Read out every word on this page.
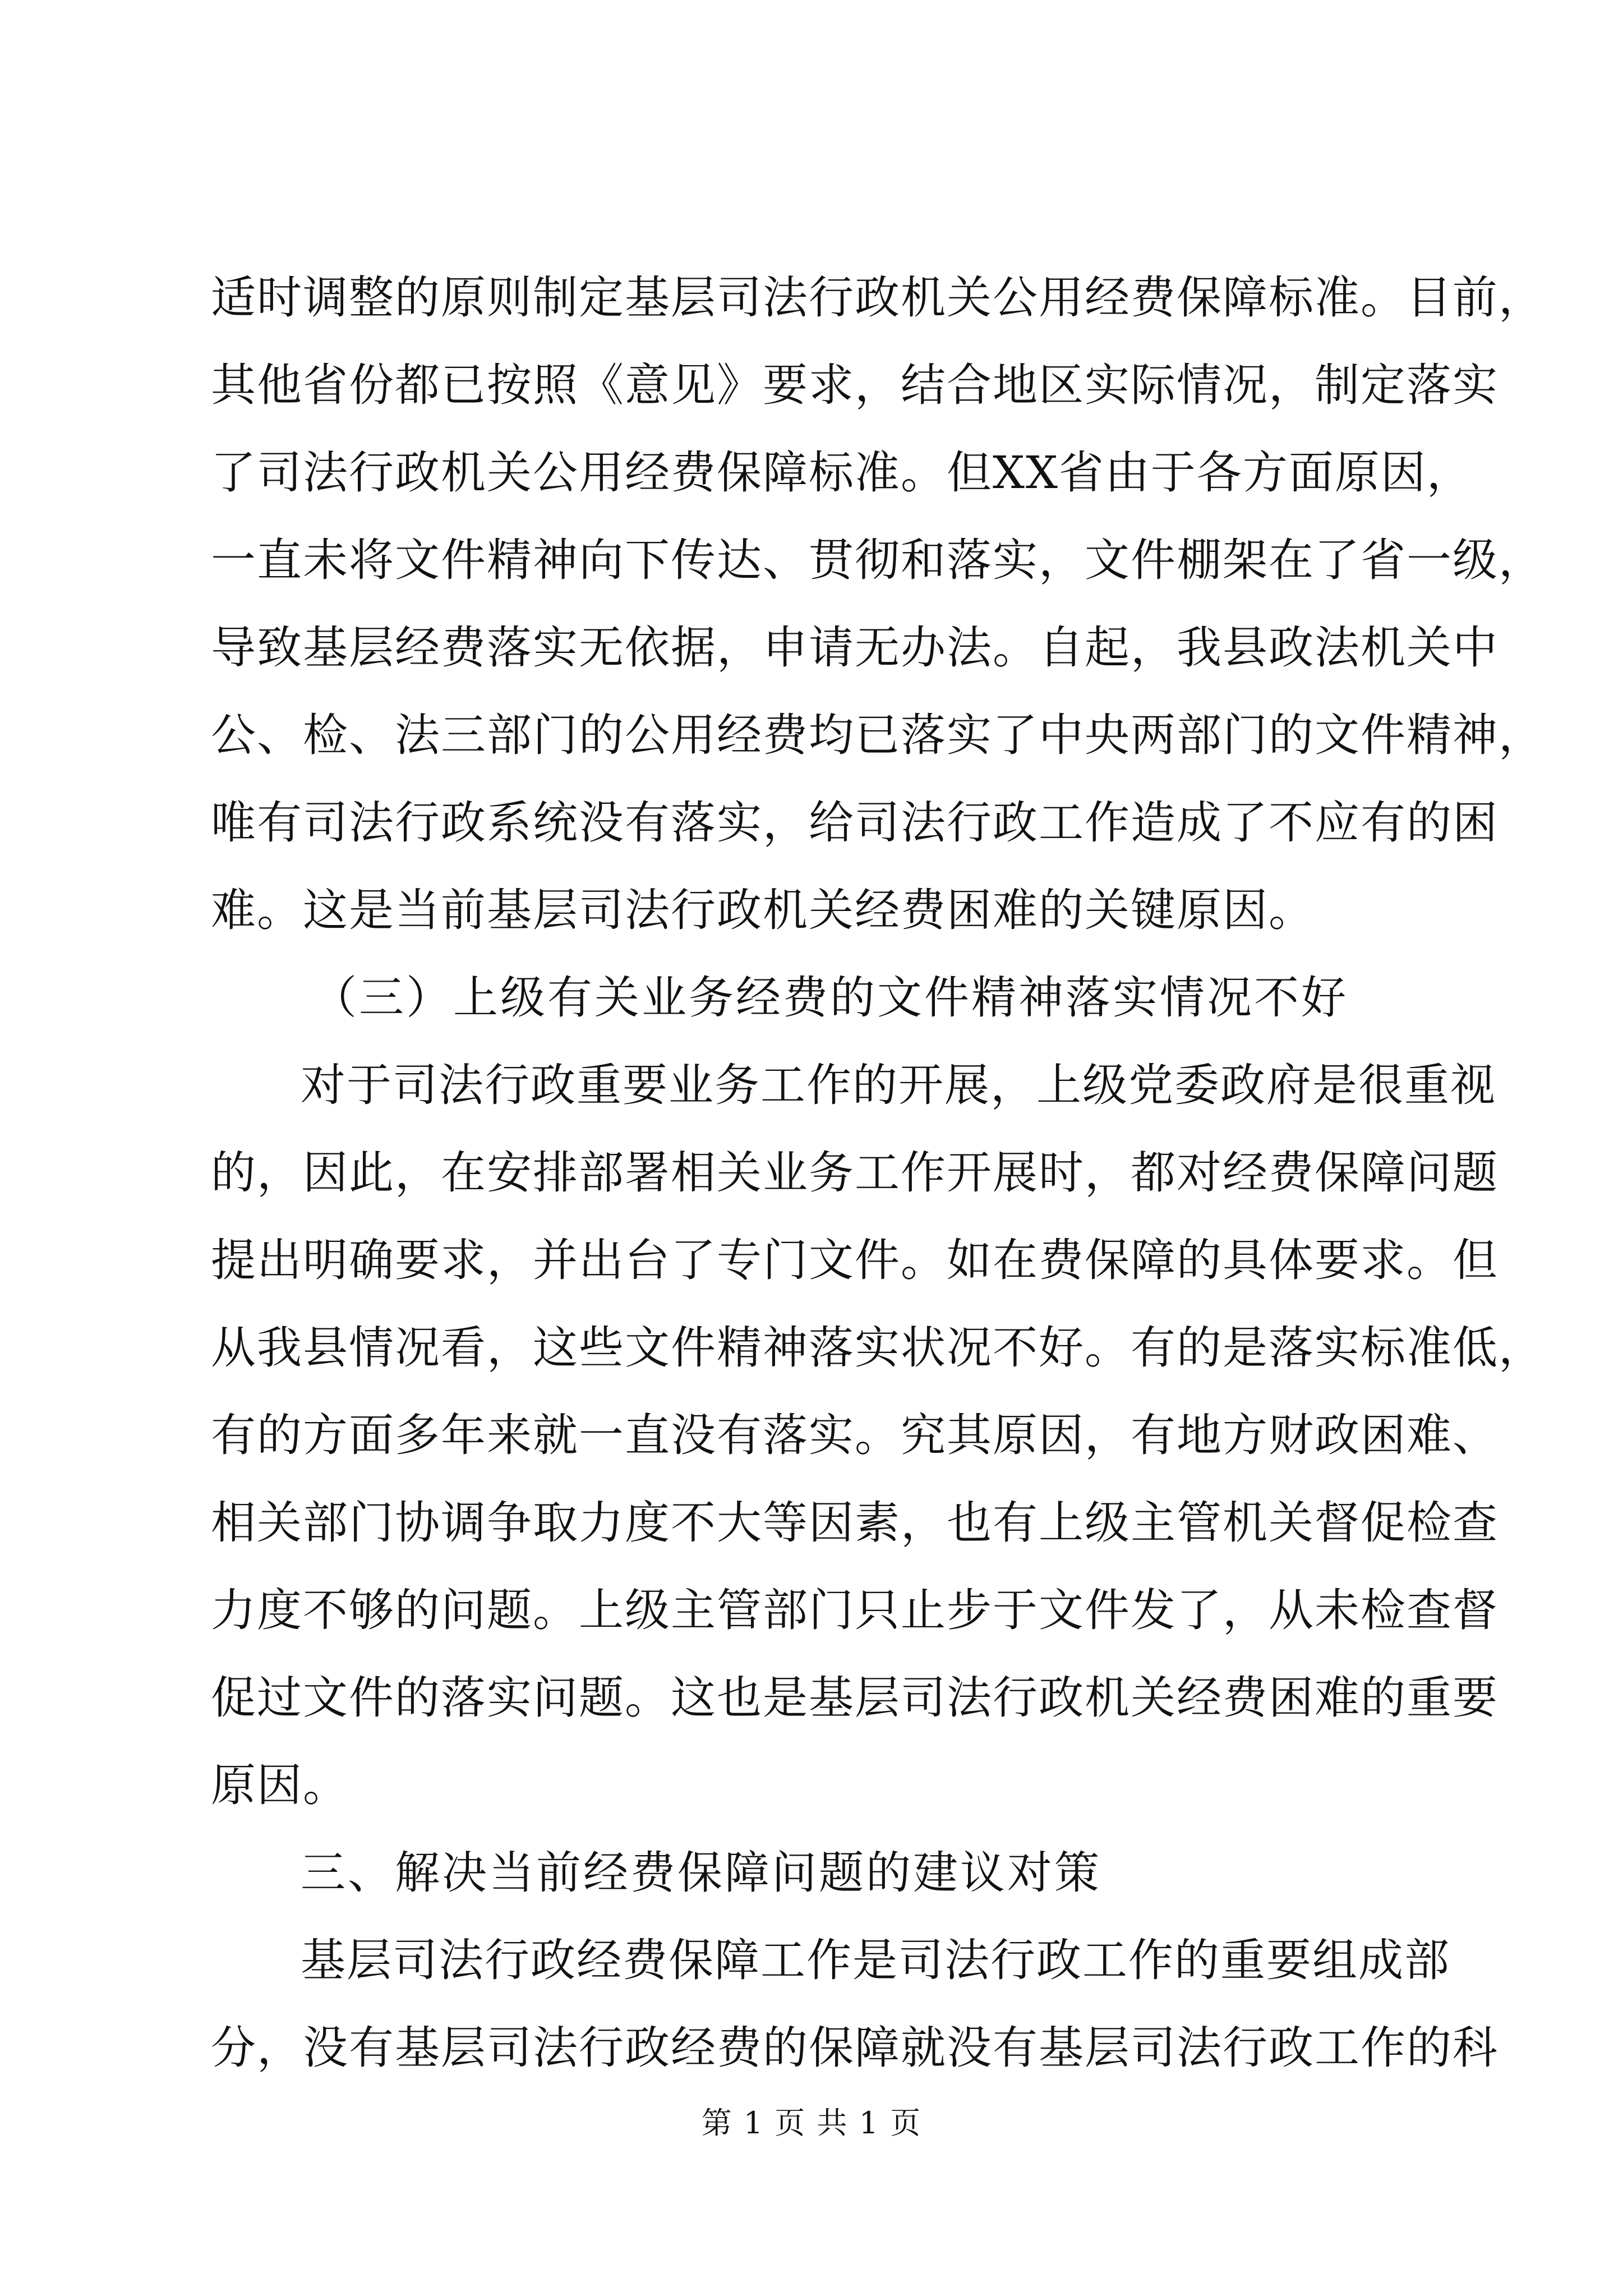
适时调整的原则制定基层司法行政机关公用经费保障标准。目前，
其他省份都已按照《意见》要求，结合地区实际情况，制定落实
了司法行政机关公用经费保障标准。但XX省由于各方面原因，
一直未将文件精神向下传达、贯彻和落实，文件棚架在了省一级，
导致基层经费落实无依据，申请无办法。自起，我县政法机关中
公、检、法三部门的公用经费均已落实了中央两部门的文件精神，
唯有司法行政系统没有落实，给司法行政工作造成了不应有的困
难。这是当前基层司法行政机关经费困难的关键原因。
（三）上级有关业务经费的文件精神落实情况不好
对于司法行政重要业务工作的开展，上级党委政府是很重视
的，因此，在安排部署相关业务工作开展时，都对经费保障问题
提出明确要求，并出台了专门文件。如在费保障的具体要求。但
从我县情况看，这些文件精神落实状况不好。有的是落实标准低，
有的方面多年来就一直没有落实。究其原因，有地方财政困难、
相关部门协调争取力度不大等因素，也有上级主管机关督促检查
力度不够的问题。上级主管部门只止步于文件发了，从未检查督
促过文件的落实问题。这也是基层司法行政机关经费困难的重要
原因。
三、解决当前经费保障问题的建议对策
基层司法行政经费保障工作是司法行政工作的重要组成部
分，没有基层司法行政经费的保障就没有基层司法行政工作的科
第 1 页 共 1 页
